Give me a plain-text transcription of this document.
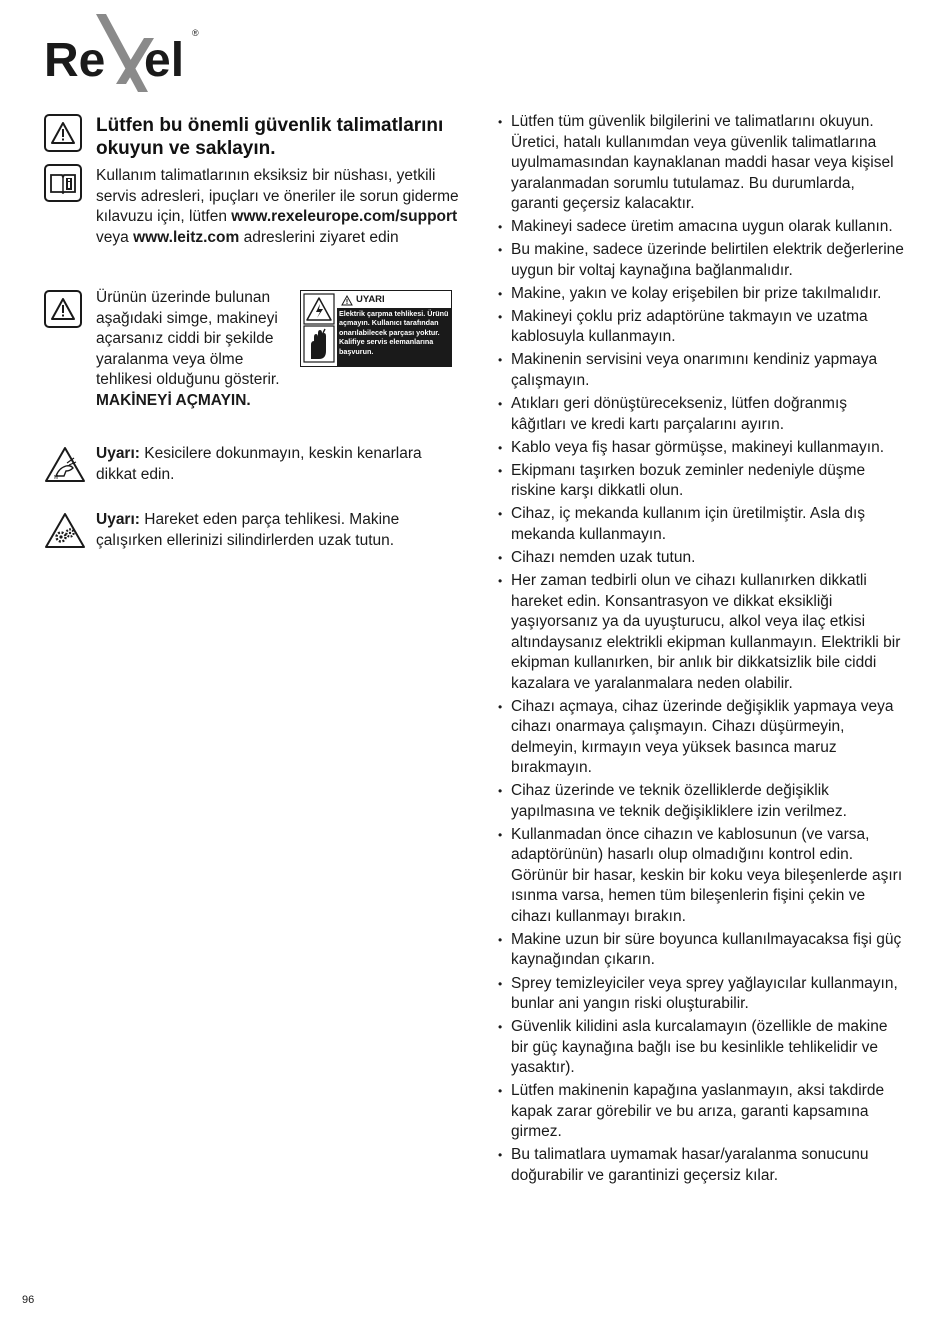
Re el
®
Lütfen bu önemli güvenlik talimatlarını okuyun ve saklayın.
Kullanım talimatlarının eksiksiz bir nüshası, yetkili servis adresleri, ipuçları ve öneriler ile sorun giderme kılavuzu için, lütfen www.rexeleurope.com/support veya www.leitz.com adreslerini ziyaret edin
Ürünün üzerinde bulunan aşağıdaki simge, makineyi açarsanız ciddi bir şekilde yaralanma veya ölme tehlikesi olduğunu gösterir. MAKİNEYİ AÇMAYIN.
UYARI
Elektrik çarpma tehlikesi. Ürünü açmayın. Kullanıcı tarafından onarılabilecek parçası yoktur. Kalifiye servis elemanlarına başvurun.
M
Uyarı: Kesicilere dokunmayın, keskin kenarlara dikkat edin.
Uyarı: Hareket eden parça tehlikesi. Makine çalışırken ellerinizi silindirlerden uzak tutun.
• Lütfen tüm güvenlik bilgilerini ve talimatlarını okuyun. Üretici, hatalı kullanımdan veya güvenlik talimatlarına uyulmamasından kaynaklanan maddi hasar veya kişisel yaralanmadan sorumlu tutulamaz. Bu durumlarda, garanti geçersiz kalacaktır.
• Makineyi sadece üretim amacına uygun olarak kullanın.
• Bu makine, sadece üzerinde belirtilen elektrik değerlerine uygun bir voltaj kaynağına bağlanmalıdır.
• Makine, yakın ve kolay erişebilen bir prize takılmalıdır.
• Makineyi çoklu priz adaptörüne takmayın ve uzatma kablosuyla kullanmayın.
• Makinenin servisini veya onarımını kendiniz yapmaya çalışmayın.
• Atıkları geri dönüştürecekseniz, lütfen doğranmış kâğıtları ve kredi kartı parçalarını ayırın.
• Kablo veya fiş hasar görmüşse, makineyi kullanmayın.
• Ekipmanı taşırken bozuk zeminler nedeniyle düşme riskine karşı dikkatli olun.
• Cihaz, iç mekanda kullanım için üretilmiştir. Asla dış mekanda kullanmayın.
• Cihazı nemden uzak tutun.
• Her zaman tedbirli olun ve cihazı kullanırken dikkatli hareket edin. Konsantrasyon ve dikkat eksikliği yaşıyorsanız ya da uyuşturucu, alkol veya ilaç etkisi altındaysanız elektrikli ekipman kullanmayın. Elektrikli bir ekipman kullanırken, bir anlık bir dikkatsizlik bile ciddi kazalara ve yaralanmalara neden olabilir.
• Cihazı açmaya, cihaz üzerinde değişiklik yapmaya veya cihazı onarmaya çalışmayın. Cihazı düşürmeyin, delmeyin, kırmayın veya yüksek basınca maruz bırakmayın.
• Cihaz üzerinde ve teknik özelliklerde değişiklik yapılmasına ve teknik değişikliklere izin verilmez.
• Kullanmadan önce cihazın ve kablosunun (ve varsa, adaptörünün) hasarlı olup olmadığını kontrol edin. Görünür bir hasar, keskin bir koku veya bileşenlerde aşırı ısınma varsa, hemen tüm bileşenlerin fişini çekin ve cihazı kullanmayı bırakın.
• Makine uzun bir süre boyunca kullanılmayacaksa fişi güç kaynağından çıkarın.
• Sprey temizleyiciler veya sprey yağlayıcılar kullanmayın, bunlar ani yangın riski oluşturabilir.
• Güvenlik kilidini asla kurcalamayın (özellikle de makine bir güç kaynağına bağlı ise bu kesinlikle tehlikelidir ve yasaktır).
• Lütfen makinenin kapağına yaslanmayın, aksi takdirde kapak zarar görebilir ve bu arıza, garanti kapsamına girmez.
• Bu talimatlara uymamak hasar/yaralanma sonucunu doğurabilir ve garantinizi geçersiz kılar.
96
